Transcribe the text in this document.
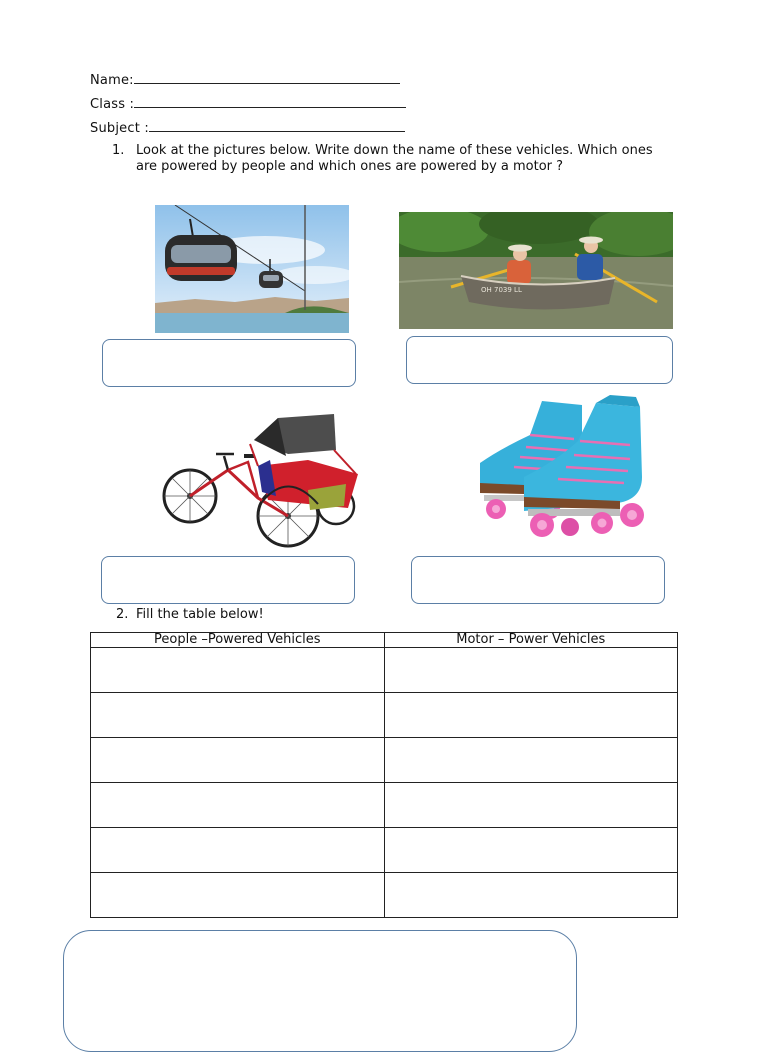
Name:
Class :
Subject :
1. Look at the pictures below. Write down the name of these vehicles. Which ones are powered by people and which ones are powered by a motor ?
OH 7039 LL
2. Fill the table below!
People –Powered Vehicles	Motor – Power Vehicles
